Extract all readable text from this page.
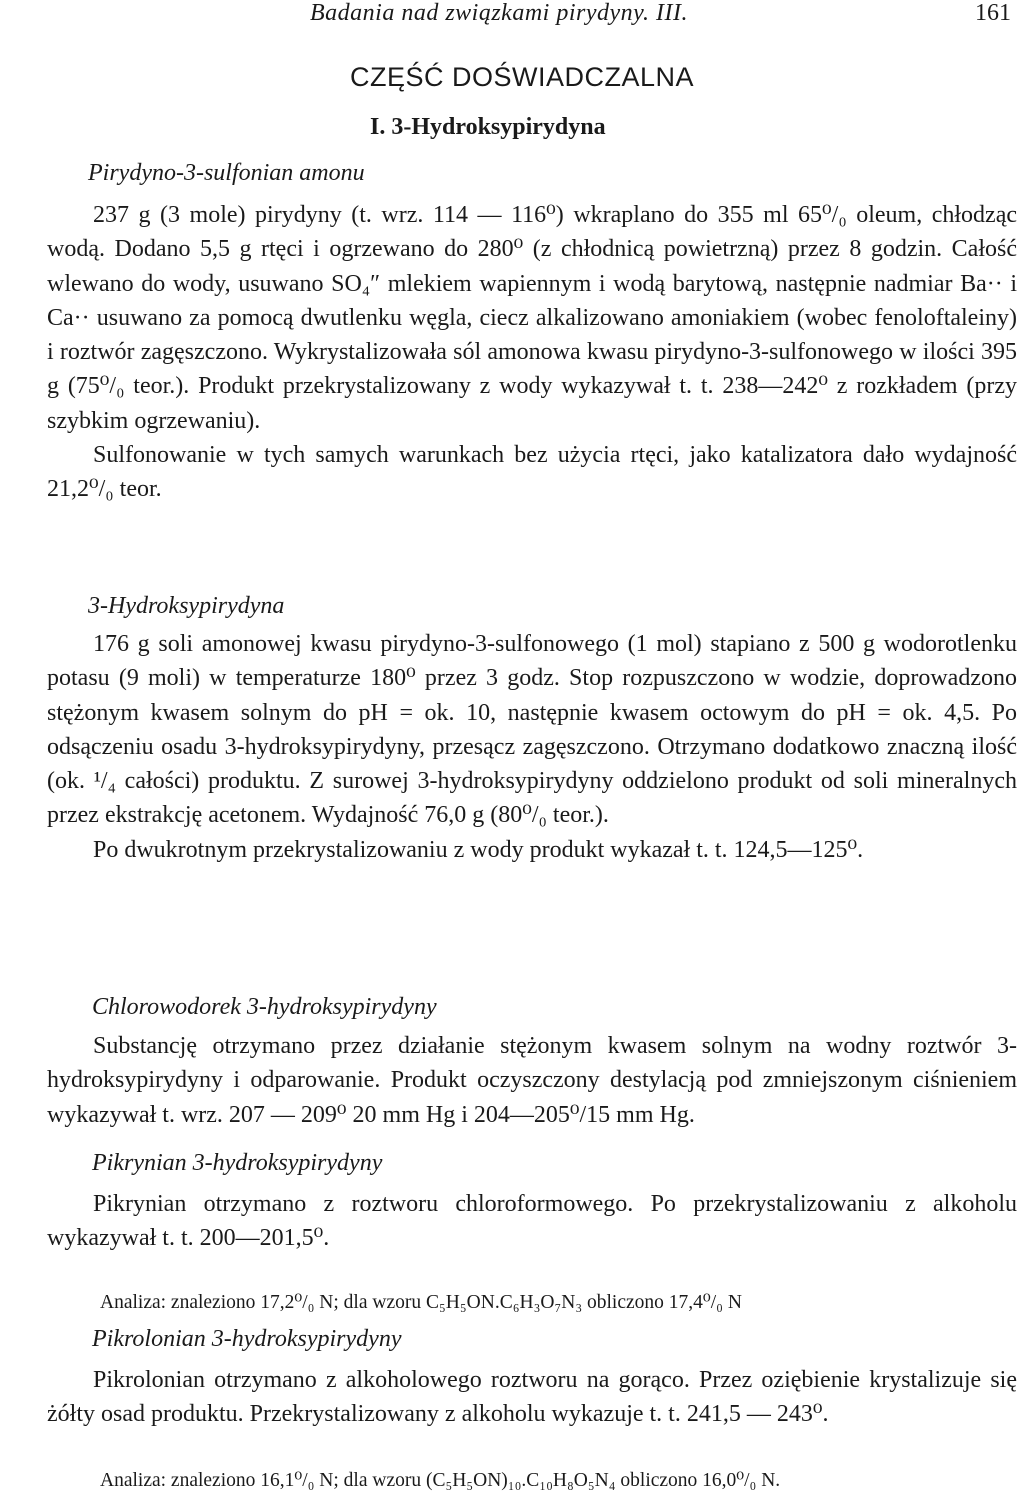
Badania nad związkami pirydyny. III.	161
CZĘŚĆ DOŚWIADCZALNA
I. 3-Hydroksypirydyna
Pirydyno-3-sulfonian amonu

237 g (3 mole) pirydyny (t. wrz. 114 — 116⁰) wkraplano do 355 ml 65⁰/₀ oleum, chłodząc wodą. Dodano 5,5 g rtęci i ogrzewano do 280⁰ (z chłodnicą powietrzną) przez 8 godzin. Całość wlewano do wody, usuwano SO₄″ mlekiem wapiennym i wodą barytową, następnie nadmiar Ba·· i Ca·· usuwano za pomocą dwutlenku węgla, ciecz alkalizowano amoniakiem (wobec fenoloftaleiny) i roztwór zagęszczono. Wykrystalizowała sól amonowa kwasu pirydyno-3-sulfonowego w ilości 395 g (75⁰/₀ teor.). Produkt przekrystalizowany z wody wykazywał t. t. 238—242⁰ z rozkładem (przy szybkim ogrzewaniu).

Sulfonowanie w tych samych warunkach bez użycia rtęci, jako katalizatora dało wydajność 21,2⁰/₀ teor.

3-Hydroksypirydyna

176 g soli amonowej kwasu pirydyno-3-sulfonowego (1 mol) stapiano z 500 g wodorotlenku potasu (9 moli) w temperaturze 180⁰ przez 3 godz. Stop rozpuszczono w wodzie, doprowadzono stężonym kwasem solnym do pH = ok. 10, następnie kwasem octowym do pH = ok. 4,5. Po odsączeniu osadu 3-hydroksypirydyny, przesącz zagęszczono. Otrzymano dodatkowo znaczną ilość (ok. ¹/₄ całości) produktu. Z surowej 3-hydroksypirydyny oddzielono produkt od soli mineralnych przez ekstrakcję acetonem. Wydajność 76,0 g (80⁰/₀ teor.).

Po dwukrotnym przekrystalizowaniu z wody produkt wykazał t. t. 124,5—125⁰.

Chlorowodorek 3-hydroksypirydyny

Substancję otrzymano przez działanie stężonym kwasem solnym na wodny roztwór 3-hydroksypirydyny i odparowanie. Produkt oczyszczony destylacją pod zmniejszonym ciśnieniem wykazywał t. wrz. 207 — 209⁰ 20 mm Hg i 204—205⁰/15 mm Hg.

Pikrynian 3-hydroksypirydyny

Pikrynian otrzymano z roztworu chloroformowego. Po przekrystalizowaniu z alkoholu wykazywał t. t. 200—201,5⁰.

Analiza: znaleziono 17,2⁰/₀ N; dla wzoru C₅H₅ON.C₆H₃O₇N₃ obliczono 17,4⁰/₀ N
Pikrolonian 3-hydroksypirydyny

Pikrolonian otrzymano z alkoholowego roztworu na gorąco. Przez oziębienie krystalizuje się żółty osad produktu. Przekrystalizowany z alkoholu wykazuje t. t. 241,5 — 243⁰.

Analiza: znaleziono 16,1⁰/₀ N; dla wzoru (C₅H₅ON)₁₀.C₁₀H₈O₅N₄ obliczono 16,0⁰/₀ N.
